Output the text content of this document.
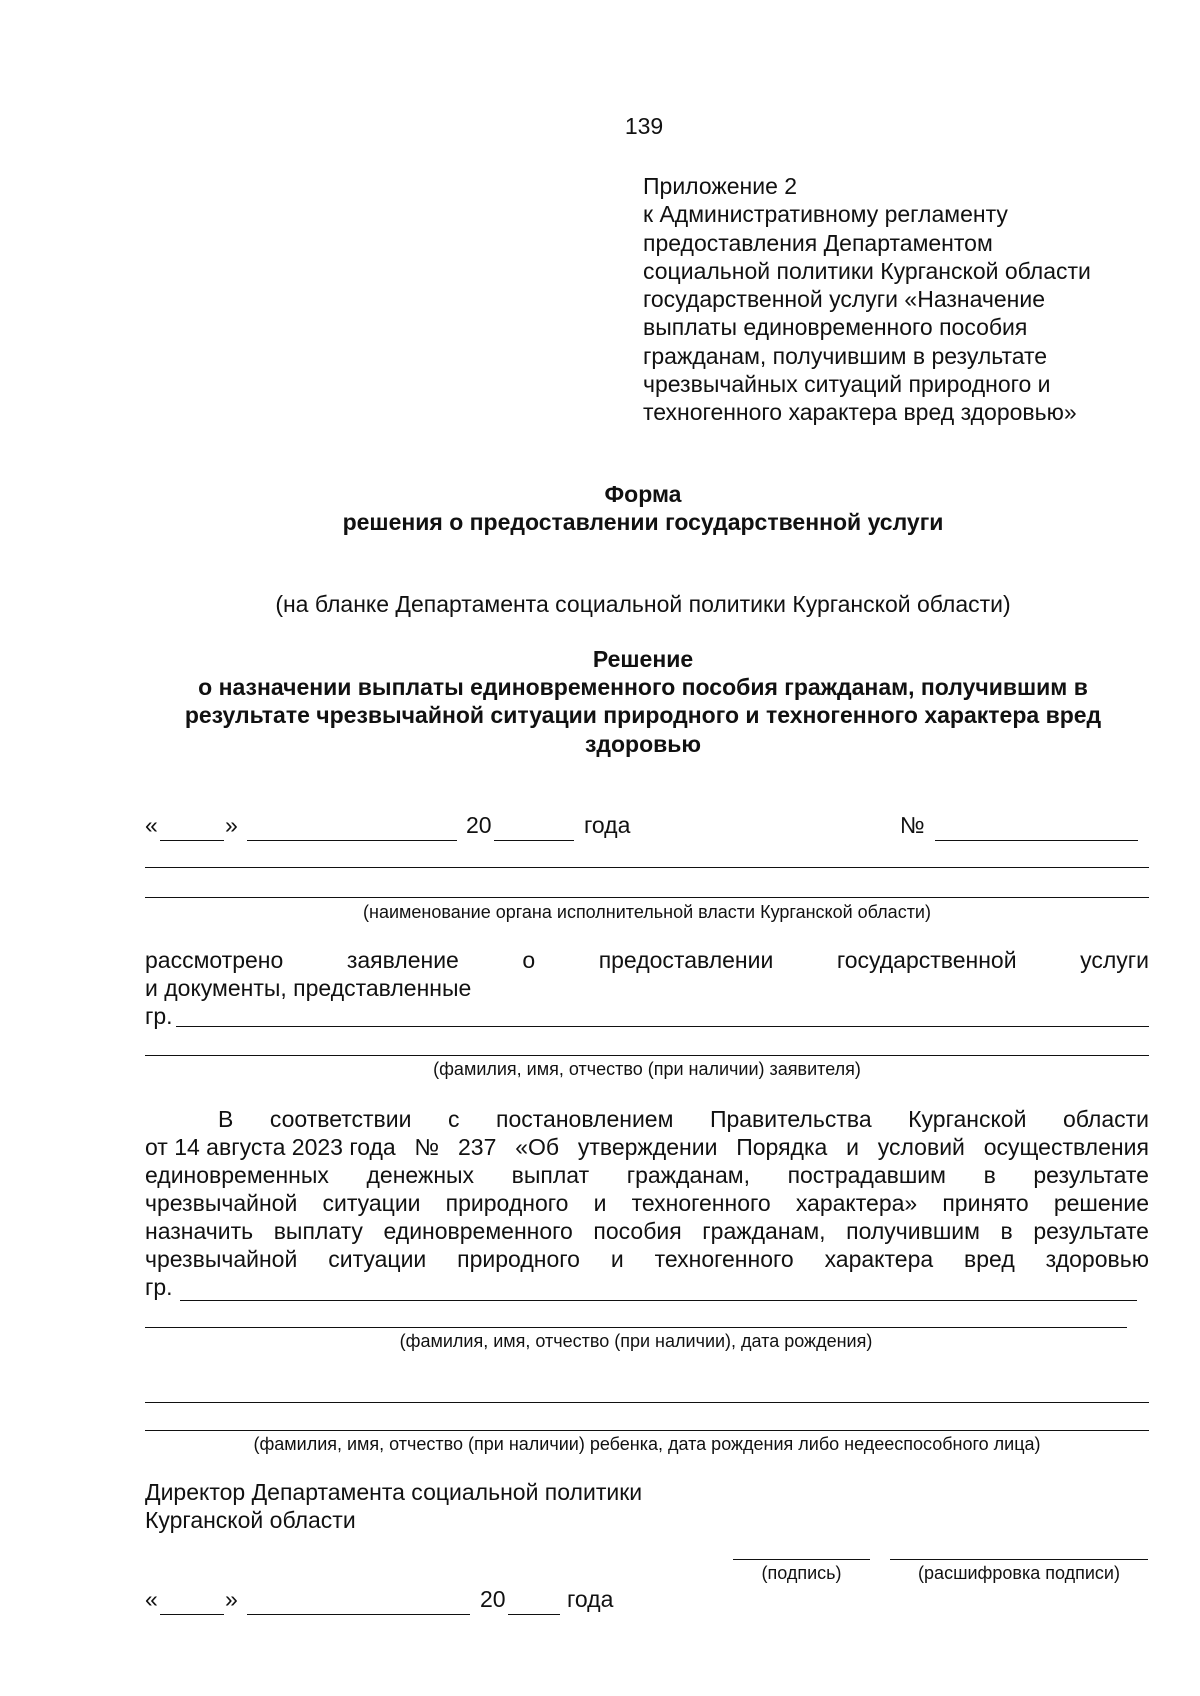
139
Приложение 2
к Административному регламенту
предоставления Департаментом
социальной политики Курганской области
государственной услуги «Назначение
выплаты единовременного пособия
гражданам, получившим в результате
чрезвычайных ситуаций природного и
техногенного характера вред здоровью»
Форма
решения о предоставлении государственной услуги
(на бланке Департамента социальной политики Курганской области)
Решение
о назначении выплаты единовременного пособия гражданам, получившим в
результате чрезвычайной ситуации природного и техногенного характера вред
здоровью
«	»	20	года	№
(наименование органа исполнительной власти Курганской области)
рассмотрено	заявление	о	предоставлении	государственной	услуги
и документы, представленные
гр.
(фамилия, имя, отчество (при наличии) заявителя)
В соответствии с постановлением Правительства Курганской области
от 14 августа 2023 года № 237 «Об утверждении Порядка и условий осуществления
единовременных денежных выплат гражданам, пострадавшим в результате
чрезвычайной ситуации природного и техногенного характера» принято решение
назначить выплату единовременного пособия гражданам, получившим в результате
чрезвычайной ситуации природного и техногенного характера вред здоровью
гр.
(фамилия, имя, отчество (при наличии), дата рождения)
(фамилия, имя, отчество (при наличии) ребенка, дата рождения либо недееспособного лица)
Директор Департамента социальной политики
Курганской области
(подпись)	(расшифровка подписи)
«	»	20	года
